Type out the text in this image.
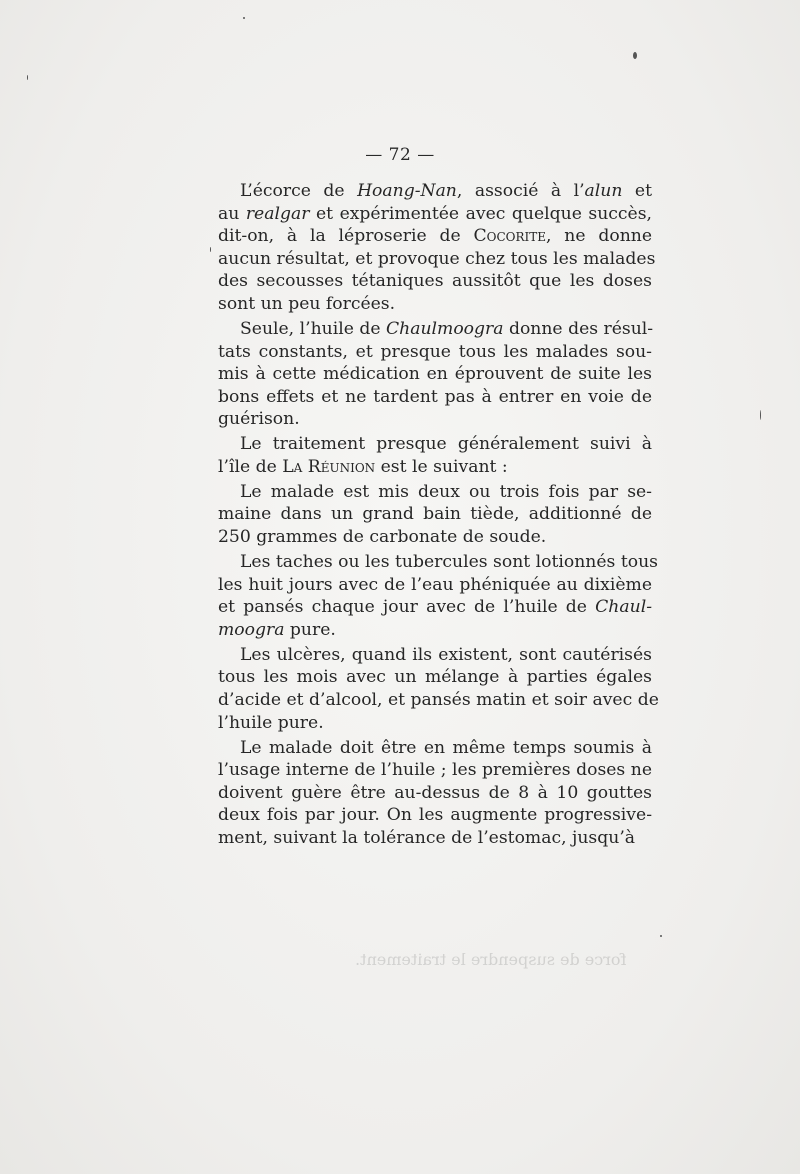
force de suspendre le traitement.
— 72 —
L’écorce de Hoang-Nan, associé à l’alun et
au realgar et expérimentée avec quelque succès,
dit-on, à la léproserie de Cocorite, ne donne
aucun résultat, et provoque chez tous les malades
des secousses tétaniques aussitôt que les doses
sont un peu forcées.
Seule, l’huile de Chaulmoogra donne des résul-
tats constants, et presque tous les malades sou-
mis à cette médication en éprouvent de suite les
bons effets et ne tardent pas à entrer en voie de
guérison.
Le traitement presque généralement suivi à
l’île de La Réunion est le suivant :
Le malade est mis deux ou trois fois par se-
maine dans un grand bain tiède, additionné de
250 grammes de carbonate de soude.
Les taches ou les tubercules sont lotionnés tous
les huit jours avec de l’eau phéniquée au dixième
et pansés chaque jour avec de l’huile de Chaul-
moogra pure.
Les ulcères, quand ils existent, sont cautérisés
tous les mois avec un mélange à parties égales
d’acide et d’alcool, et pansés matin et soir avec de
l’huile pure.
Le malade doit être en même temps soumis à
l’usage interne de l’huile ; les premières doses ne
doivent guère être au-dessus de 8 à 10 gouttes
deux fois par jour. On les augmente progressive-
ment, suivant la tolérance de l’estomac, jusqu’à
